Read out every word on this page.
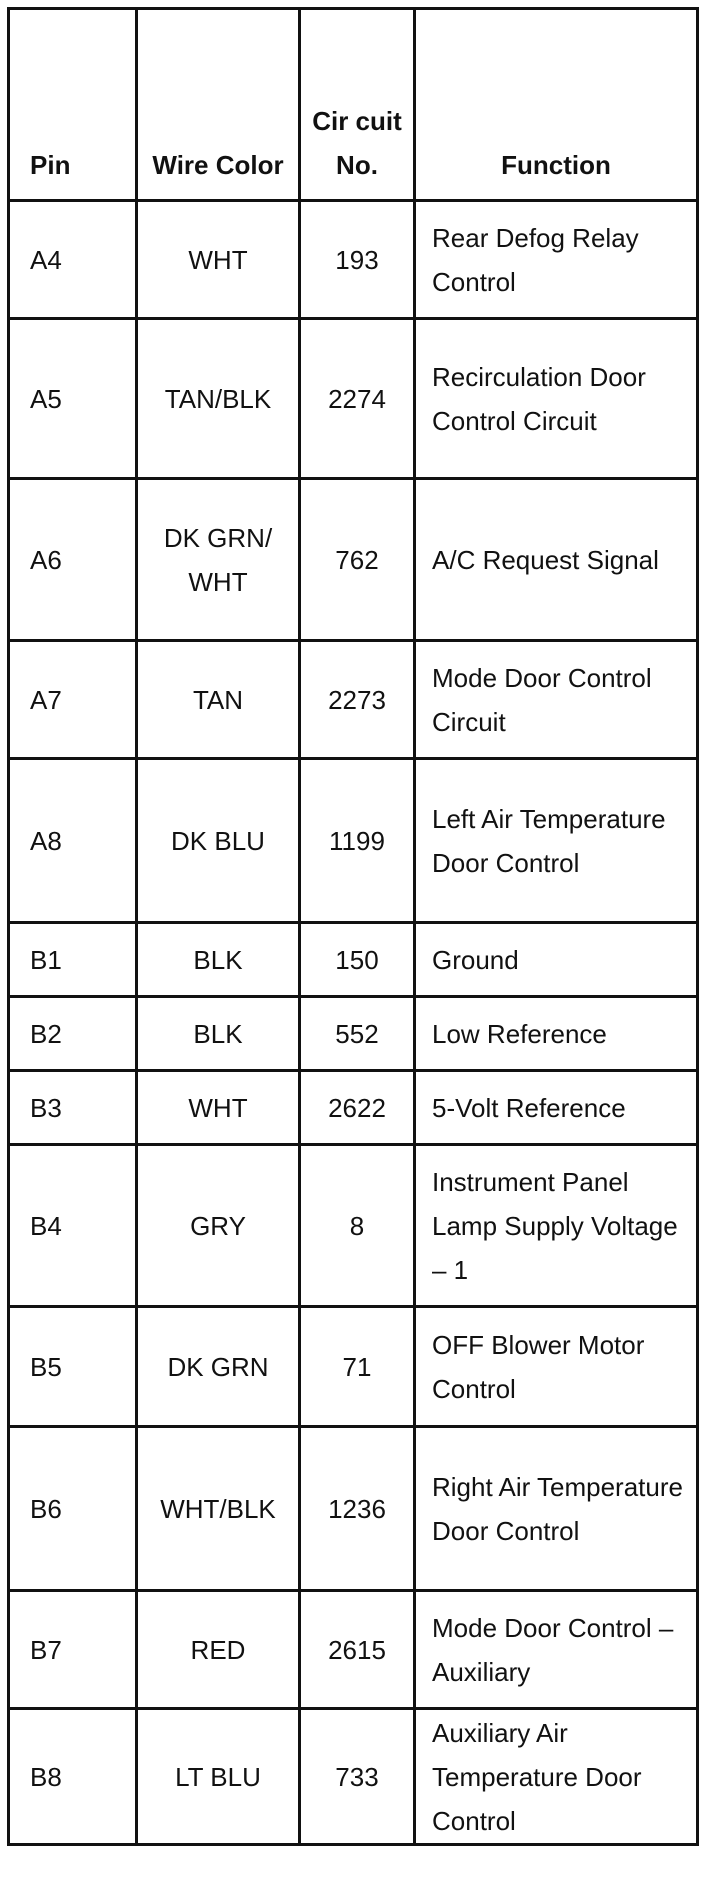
Pin	Wire Color	Cir cuit No.	Function
A4	WHT	193	Rear Defog Relay Control
A5	TAN/BLK	2274	Recirculation Door Control Circuit
A6	DK GRN/ WHT	762	A/C Request Signal
A7	TAN	2273	Mode Door Control Circuit
A8	DK BLU	1199	Left Air Temperature Door Control
B1	BLK	150	Ground
B2	BLK	552	Low Reference
B3	WHT	2622	5-Volt Reference
B4	GRY	8	Instrument Panel Lamp Supply Voltage – 1
B5	DK GRN	71	OFF Blower Motor Control
B6	WHT/BLK	1236	Right Air Temperature Door Control
B7	RED	2615	Mode Door Control – Auxiliary
B8	LT BLU	733	Auxiliary Air Temperature Door Control
